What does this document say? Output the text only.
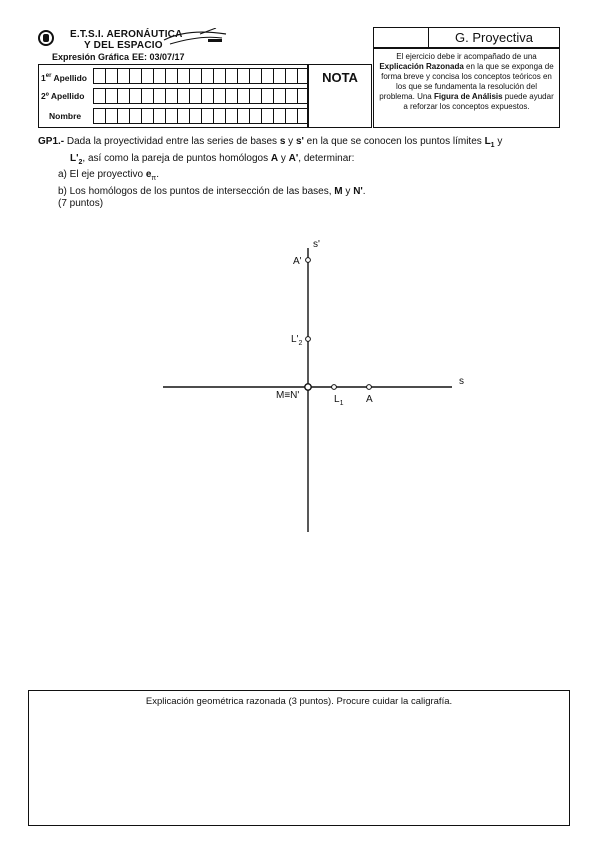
E.T.S.I. AERONÁUTICA
Y DEL ESPACIO
Expresión Gráfica EE: 03/07/17
1er Apellido
2º Apellido
Nombre
NOTA
G. Proyectiva
El ejercicio debe ir acompañado de una Explicación Razonada en la que se exponga de forma breve y concisa los conceptos teóricos en los que se fundamenta la resolución del problema. Una Figura de Análisis puede ayudar a reforzar los conceptos expuestos.
GP1.- Dada la proyectividad entre las series de bases s y s' en la que se conocen los puntos límites $L_1$ y
$L'_2$, así como la pareja de puntos homólogos A y A', determinar:
a) El eje proyectivo $e_\pi$.
b) Los homólogos de los puntos de intersección de las bases, M y N'.
(7 puntos)
s'
s
A'
$L'_2$
M≡N'	$L_1$ A
Explicación geométrica razonada (3 puntos). Procure cuidar la caligrafía.
